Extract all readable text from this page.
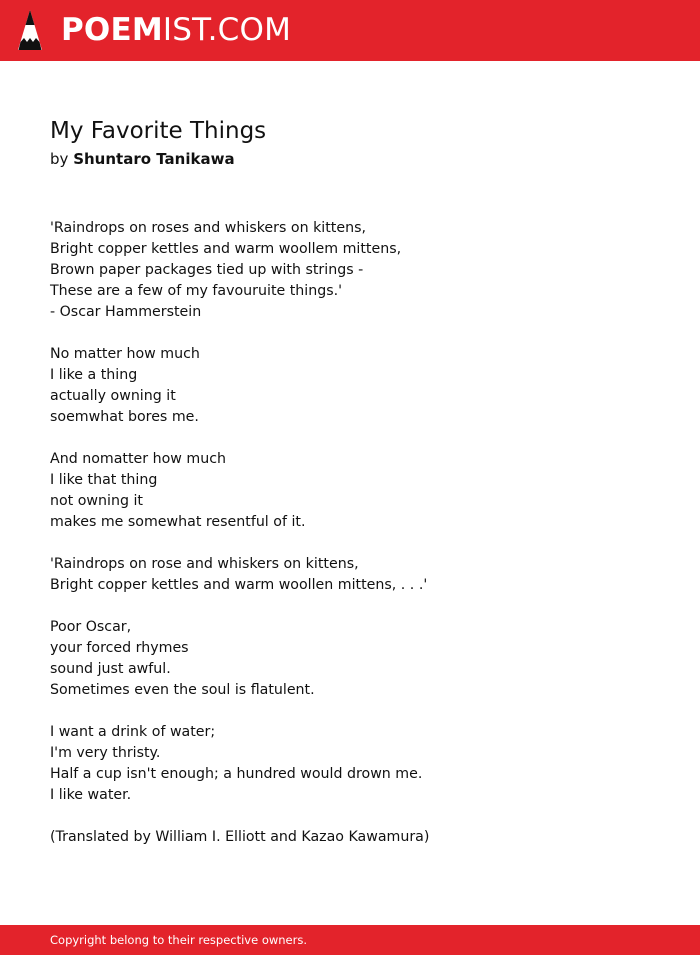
POEMIST.COM
My Favorite Things
by Shuntaro Tanikawa
'Raindrops on roses and whiskers on kittens,
Bright copper kettles and warm woollem mittens,
Brown paper packages tied up with strings -
These are a few of my favouruite things.'
- Oscar Hammerstein
No matter how much
I like a thing
actually owning it
soemwhat bores me.
And nomatter how much
I like that thing
not owning it
makes me somewhat resentful of it.
'Raindrops on rose and whiskers on kittens,
Bright copper kettles and warm woollen mittens, . . .'
Poor Oscar,
your forced rhymes
sound just awful.
Sometimes even the soul is flatulent.
I want a drink of water;
I'm very thristy.
Half a cup isn't enough; a hundred would drown me.
I like water.
(Translated by William I. Elliott and Kazao Kawamura)
Copyright belong to their respective owners.
